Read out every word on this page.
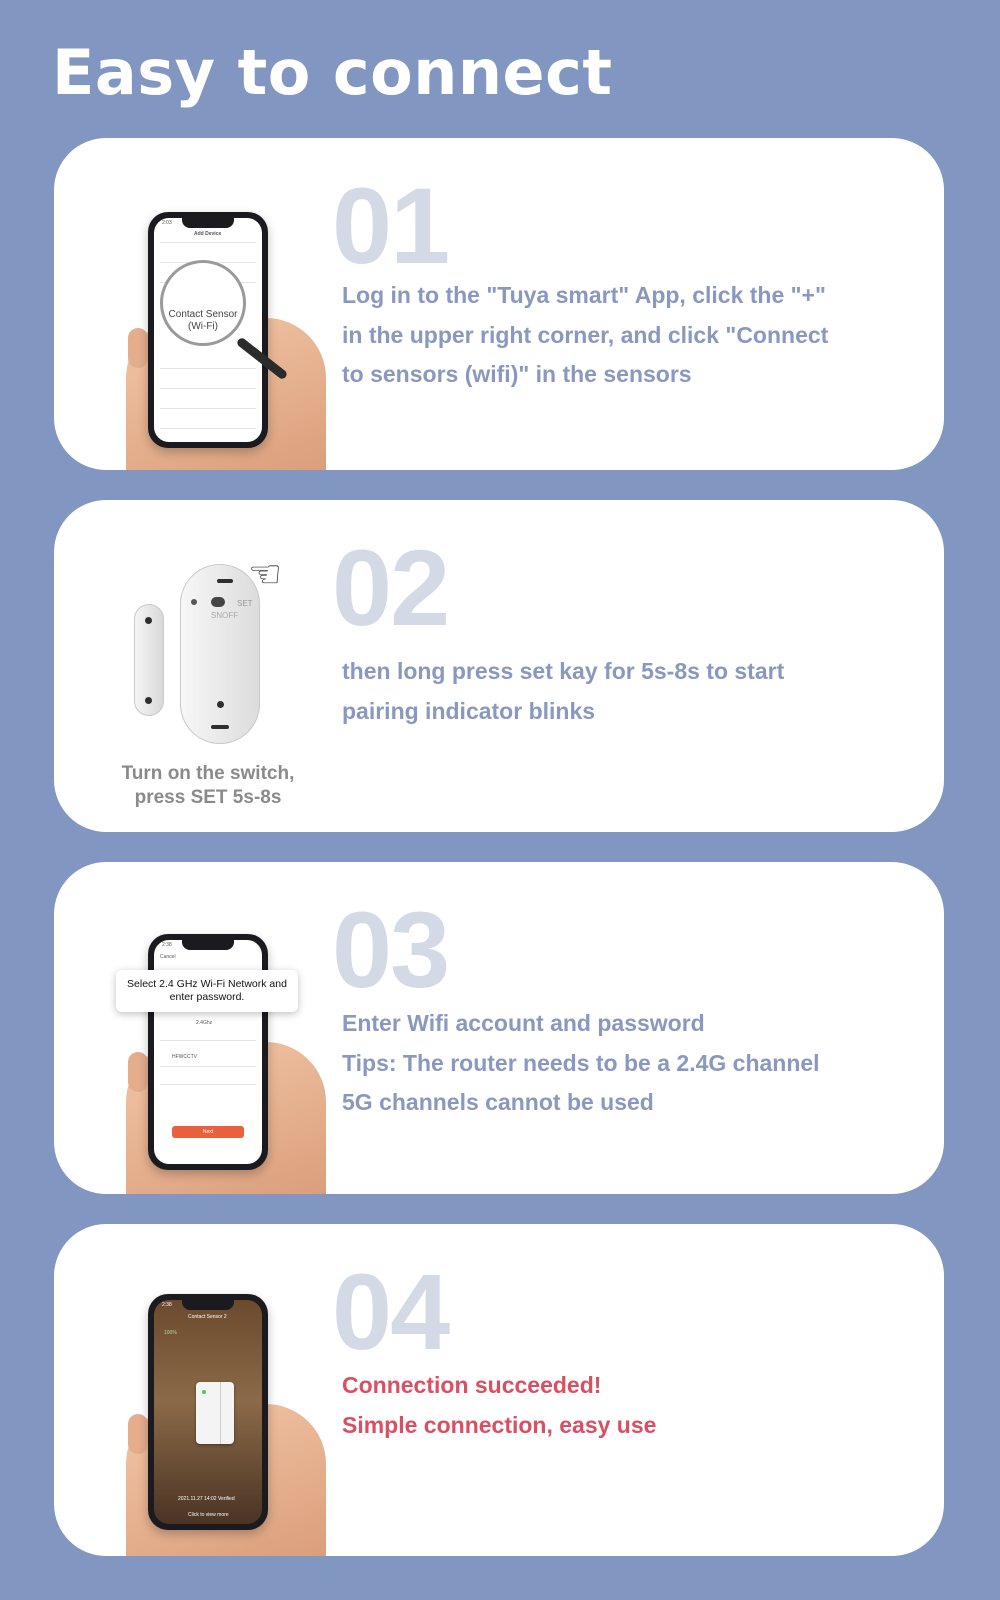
Easy to connect
2:03
Add Device
Contact Sensor
(Wi-Fi)
01
Log in to the "Tuya smart" App, click the "+"
in the upper right corner, and click "Connect
to sensors (wifi)" in the sensors
SET
SNOFF
☜
Turn on the switch,
press SET 5s-8s
02
then long press set kay for 5s-8s to start
pairing indicator blinks
2:38
Cancel
2.4Ghz
HFWCCTV
Next
Select 2.4 GHz Wi-Fi Network and
enter password. 03
Enter Wifi account and password
Tips: The router needs to be a 2.4G channel
5G channels cannot be used
2:38
Contact Sensor 2
100%
2021.11.27 14:02 Verified
Click to view more
04
Connection succeeded!
Simple connection, easy use
